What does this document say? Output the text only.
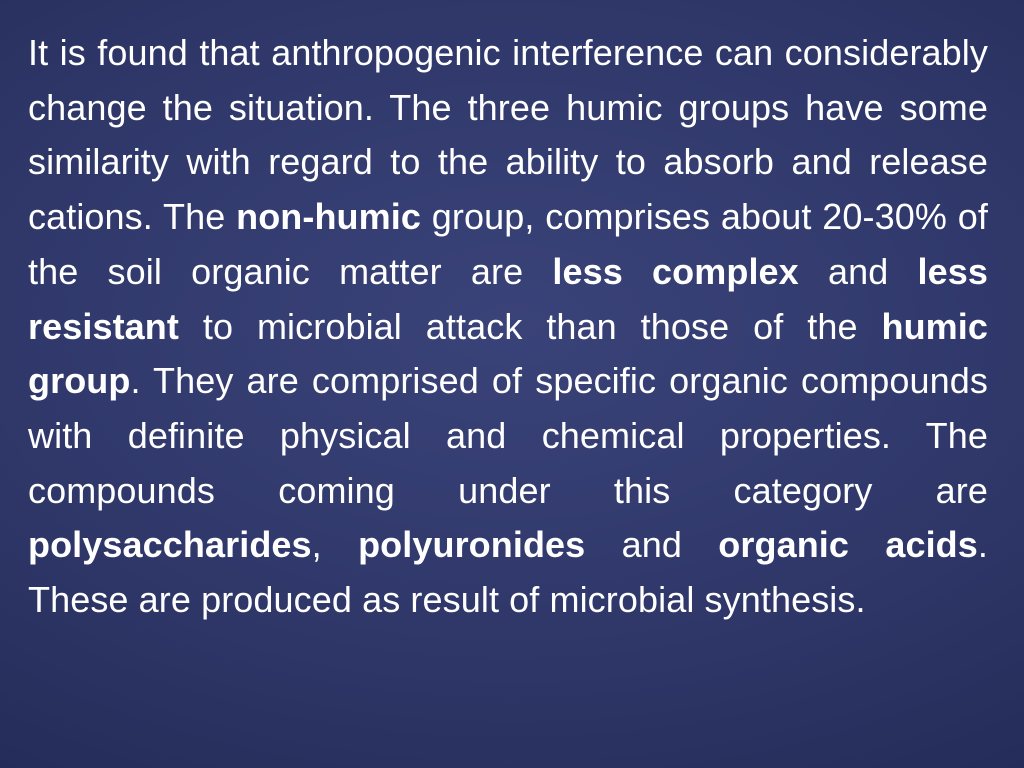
It is found that anthropogenic interference can considerably change the situation. The three humic groups have some similarity with regard to the ability to absorb and release cations. The non-humic group, comprises about 20-30% of the soil organic matter are less complex and less resistant to microbial attack than those of the humic group. They are comprised of specific organic compounds with definite physical and chemical properties. The compounds coming under this category are polysaccharides, polyuronides and organic acids. These are produced as result of microbial synthesis.
